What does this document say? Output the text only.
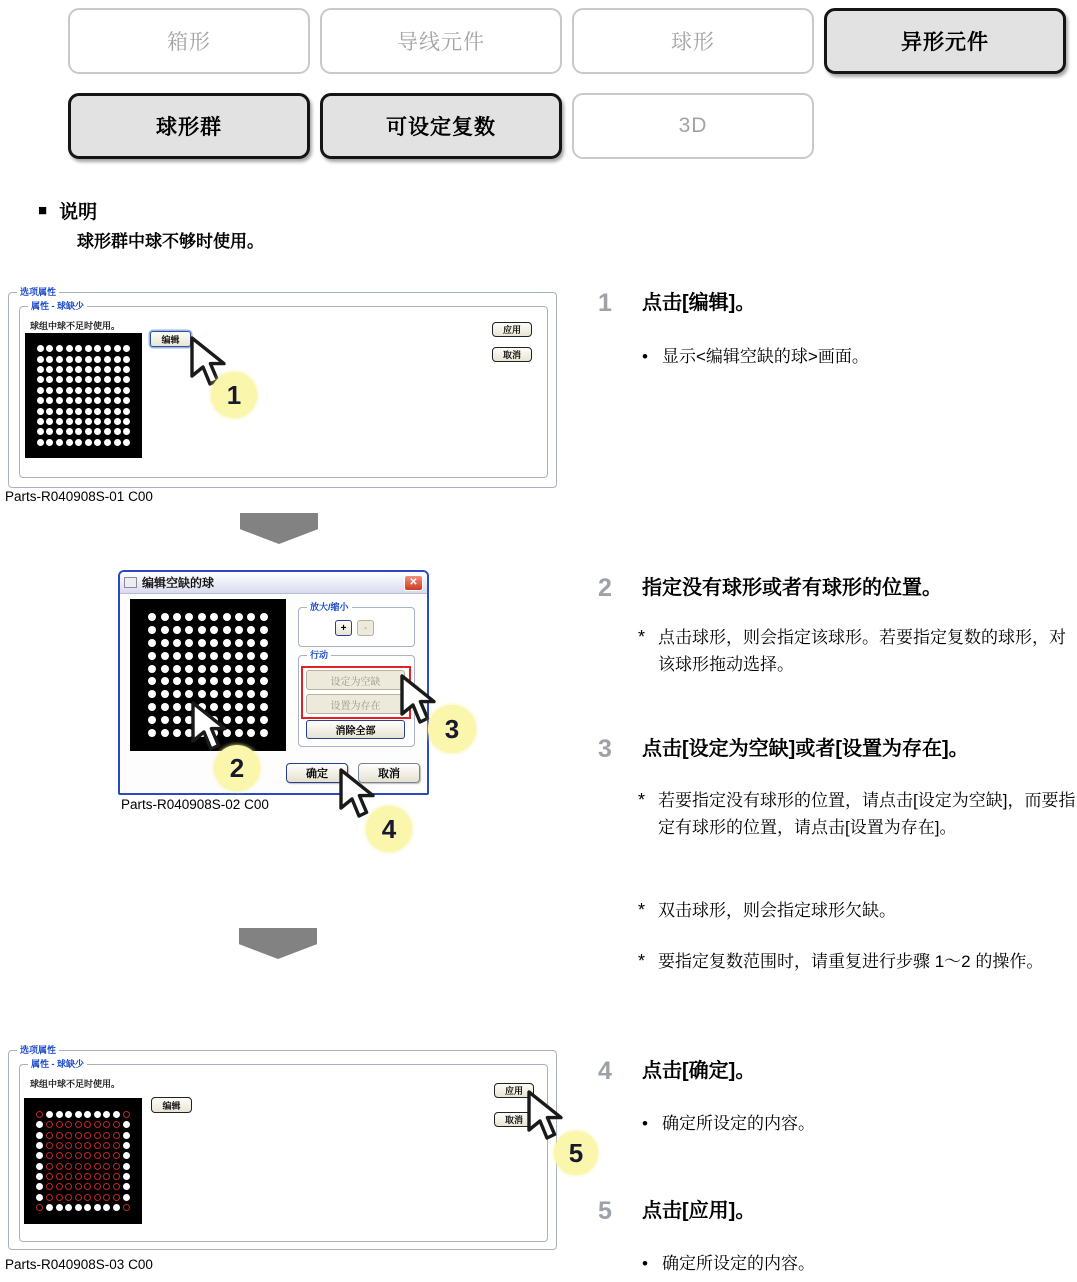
箱形	导线元件	球形	异形元件
球形群	可设定复数	3D
■ 说明
球形群中球不够时使用。
选项属性
属性 - 球缺少
球组中球不足时使用。
编辑
应用
取消
Parts-R040908S-01 C00
编辑空缺的球	✕
放大/缩小
+	-
行动
设定为空缺
设置为存在
消除全部
确定	取消
Parts-R040908S-02 C00
选项属性
属性 - 球缺少
球组中球不足时使用。
编辑
应用
取消
Parts-R040908S-03 C00
1
2
3
4
5
1	点击[编辑]。
• 显示<编辑空缺的球>画面。
2	指定没有球形或者有球形的位置。
* 点击球形，则会指定该球形。若要指定复数的球形，对该球形拖动选择。
3	点击[设定为空缺]或者[设置为存在]。
* 若要指定没有球形的位置，请点击[设定为空缺]，而要指定有球形的位置，请点击[设置为存在]。
* 双击球形，则会指定球形欠缺。
* 要指定复数范围时，请重复进行步骤 1～2 的操作。
4	点击[确定]。
• 确定所设定的内容。
5	点击[应用]。
• 确定所设定的内容。
